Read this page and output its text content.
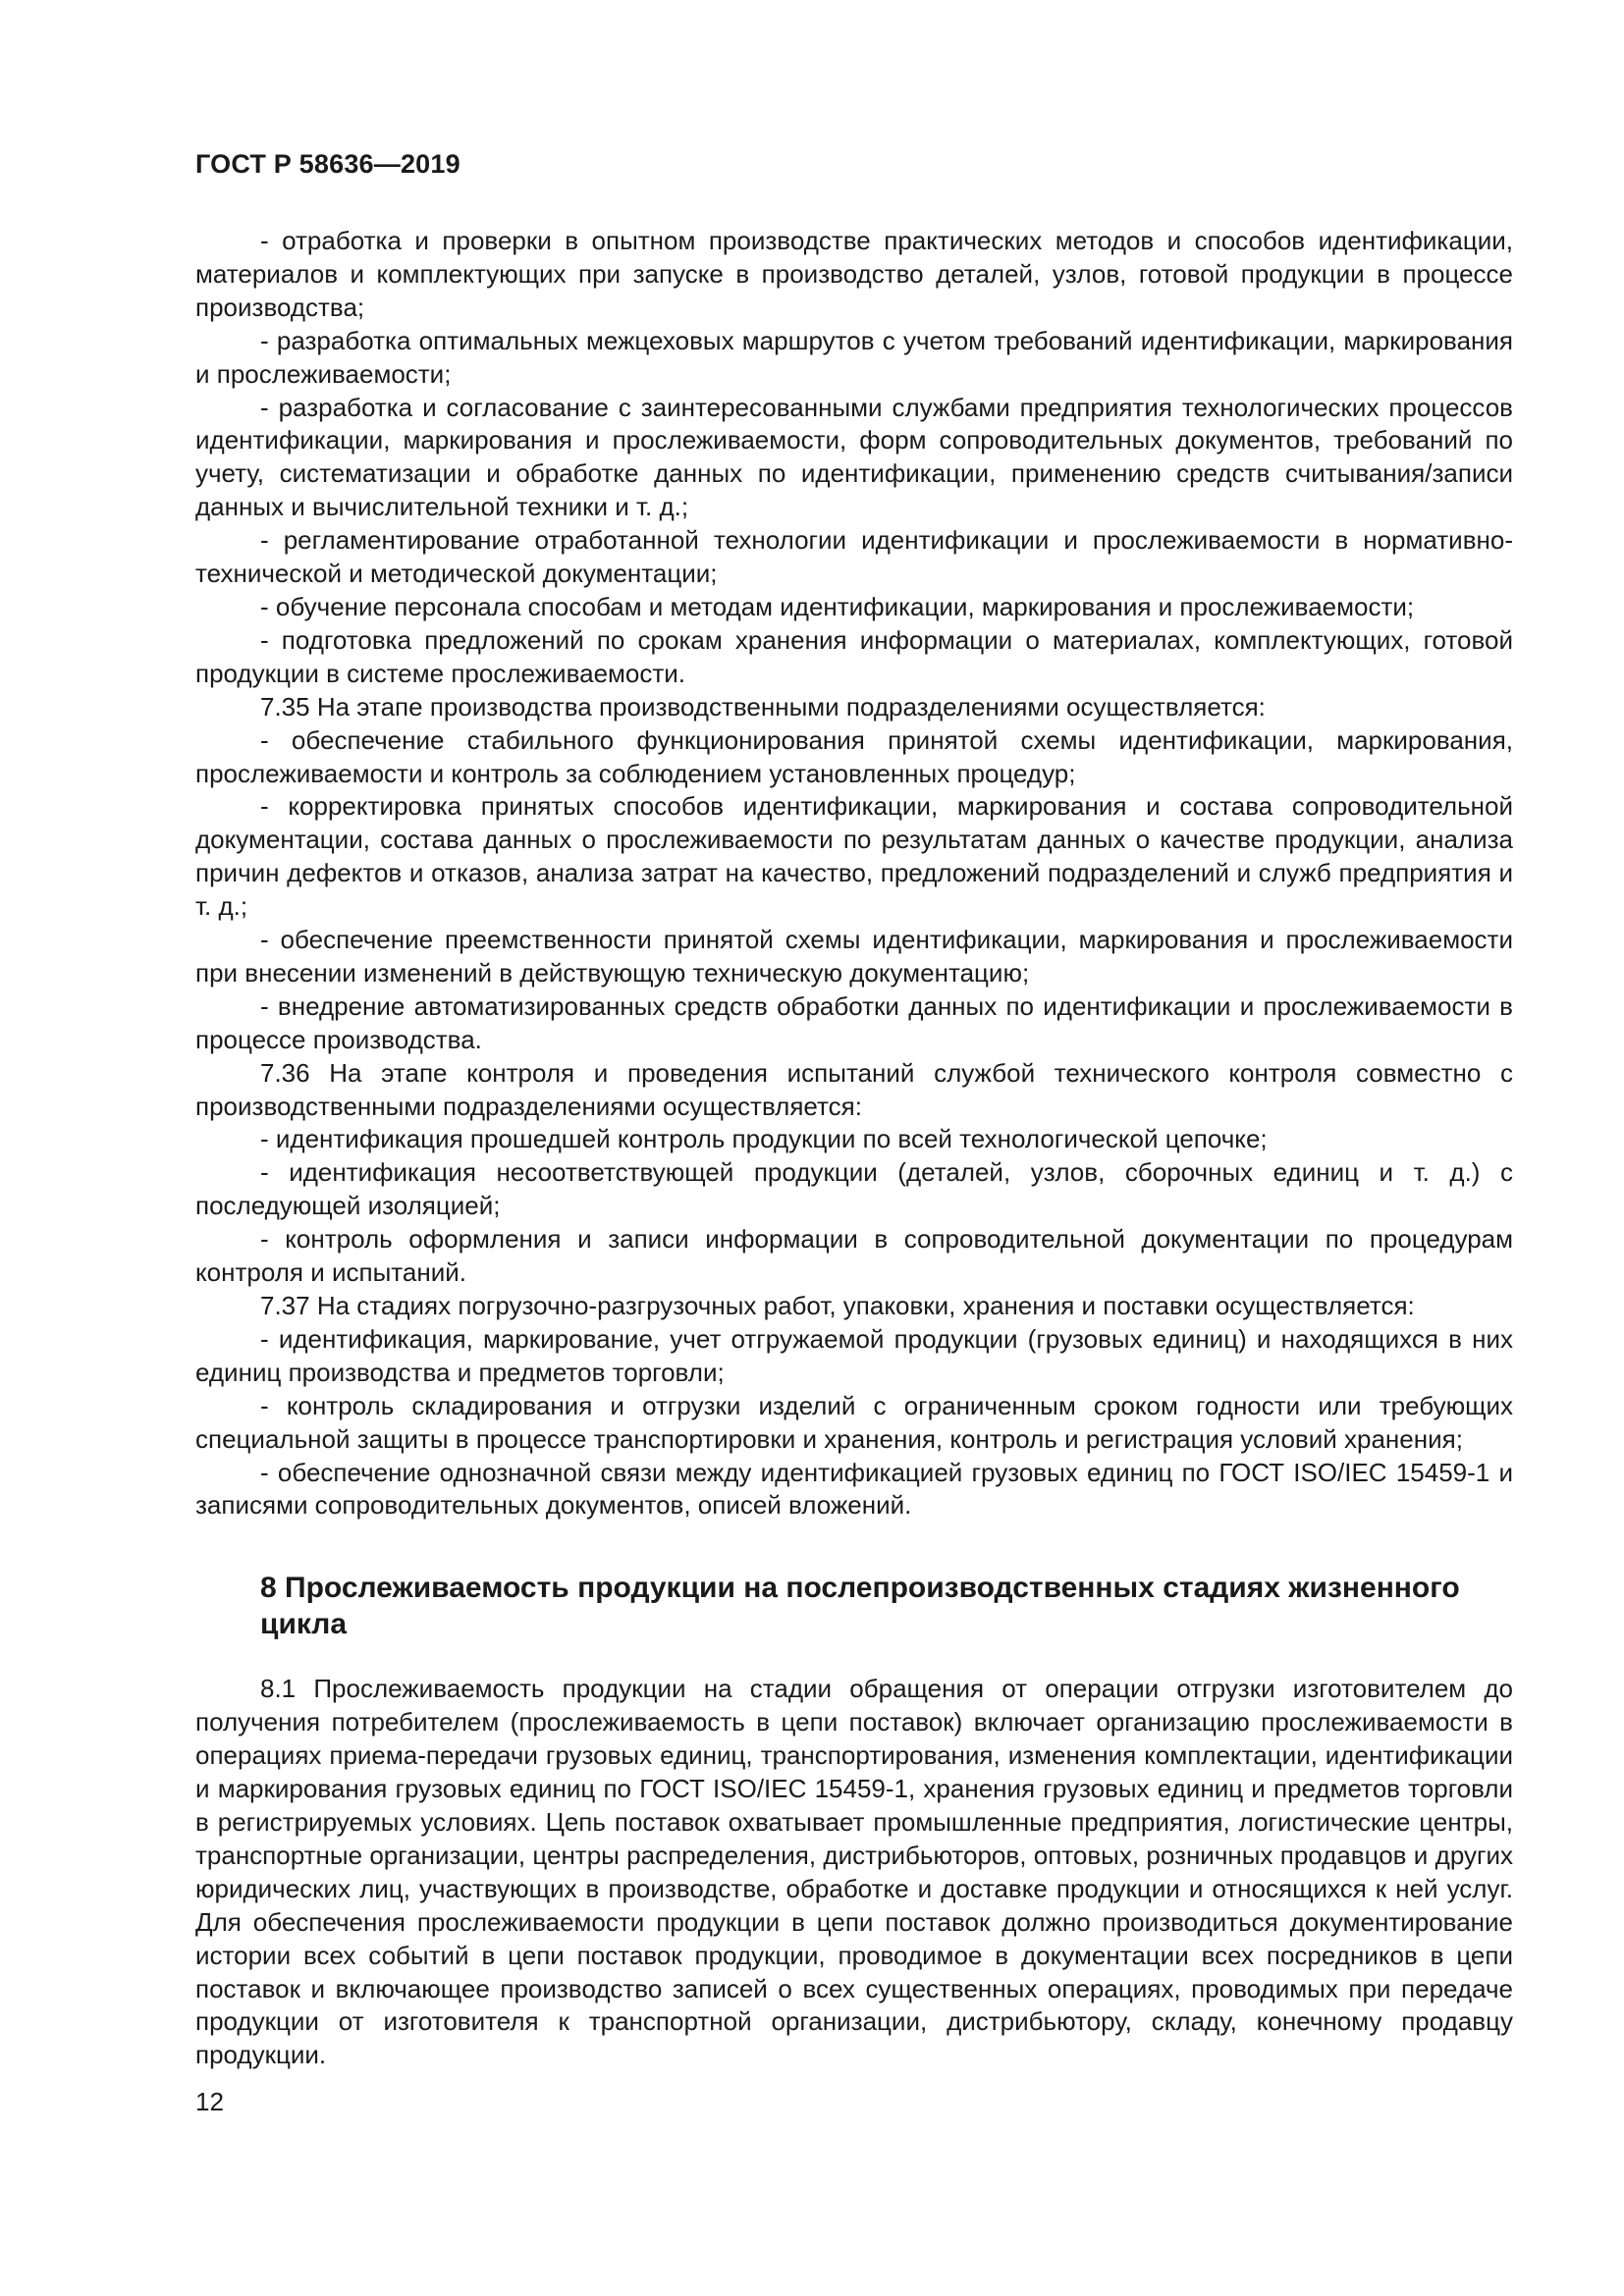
ГОСТ Р 58636—2019

- отработка и проверки в опытном производстве практических методов и способов идентификации, материалов и комплектующих при запуске в производство деталей, узлов, готовой продукции в процессе производства;

- разработка оптимальных межцеховых маршрутов с учетом требований идентификации, маркирования и прослеживаемости;

- разработка и согласование с заинтересованными службами предприятия технологических процессов идентификации, маркирования и прослеживаемости, форм сопроводительных документов, требований по учету, систематизации и обработке данных по идентификации, применению средств считывания/записи данных и вычислительной техники и т. д.;

- регламентирование отработанной технологии идентификации и прослеживаемости в нормативно-технической и методической документации;

- обучение персонала способам и методам идентификации, маркирования и прослеживаемости;

- подготовка предложений по срокам хранения информации о материалах, комплектующих, готовой продукции в системе прослеживаемости.

7.35 На этапе производства производственными подразделениями осуществляется:

- обеспечение стабильного функционирования принятой схемы идентификации, маркирования, прослеживаемости и контроль за соблюдением установленных процедур;

- корректировка принятых способов идентификации, маркирования и состава сопроводительной документации, состава данных о прослеживаемости по результатам данных о качестве продукции, анализа причин дефектов и отказов, анализа затрат на качество, предложений подразделений и служб предприятия и т. д.;

- обеспечение преемственности принятой схемы идентификации, маркирования и прослеживаемости при внесении изменений в действующую техническую документацию;

- внедрение автоматизированных средств обработки данных по идентификации и прослеживаемости в процессе производства.

7.36 На этапе контроля и проведения испытаний службой технического контроля совместно с производственными подразделениями осуществляется:

- идентификация прошедшей контроль продукции по всей технологической цепочке;

- идентификация несоответствующей продукции (деталей, узлов, сборочных единиц и т. д.) с последующей изоляцией;

- контроль оформления и записи информации в сопроводительной документации по процедурам контроля и испытаний.

7.37 На стадиях погрузочно-разгрузочных работ, упаковки, хранения и поставки осуществляется:

- идентификация, маркирование, учет отгружаемой продукции (грузовых единиц) и находящихся в них единиц производства и предметов торговли;

- контроль складирования и отгрузки изделий с ограниченным сроком годности или требующих специальной защиты в процессе транспортировки и хранения, контроль и регистрация условий хранения;

- обеспечение однозначной связи между идентификацией грузовых единиц по ГОСТ ISO/IEC 15459-1 и записями сопроводительных документов, описей вложений.

8 Прослеживаемость продукции на послепроизводственных стадиях жизненного цикла

8.1 Прослеживаемость продукции на стадии обращения от операции отгрузки изготовителем до получения потребителем (прослеживаемость в цепи поставок) включает организацию прослеживаемости в операциях приема-передачи грузовых единиц, транспортирования, изменения комплектации, идентификации и маркирования грузовых единиц по ГОСТ ISO/IEC 15459-1, хранения грузовых единиц и предметов торговли в регистрируемых условиях. Цепь поставок охватывает промышленные предприятия, логистические центры, транспортные организации, центры распределения, дистрибьюторов, оптовых, розничных продавцов и других юридических лиц, участвующих в производстве, обработке и доставке продукции и относящихся к ней услуг. Для обеспечения прослеживаемости продукции в цепи поставок должно производиться документирование истории всех событий в цепи поставок продукции, проводимое в документации всех посредников в цепи поставок и включающее производство записей о всех существенных операциях, проводимых при передаче продукции от изготовителя к транспортной организации, дистрибьютору, складу, конечному продавцу продукции.

12
